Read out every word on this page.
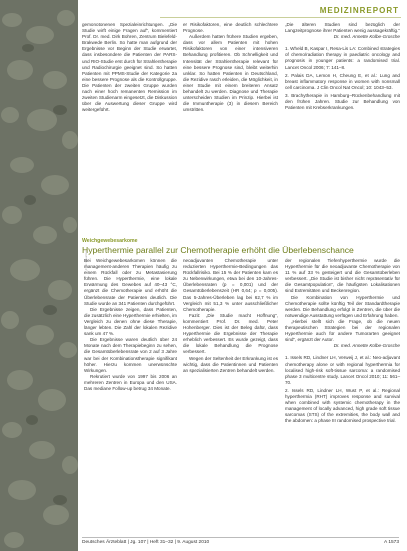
MEDIZINREPORT

gemonotonenen Spezialeinrichtungen. „Die Studie wirft einige Fragen auf“, kommentiert Prof. Dr. med. Dirk Bohren, Zentrum Bielefeld-Brakwede Berlin. So hatte man aufgrund der Ergebnisse vor Beginn der Studie erwartet, dass insbesondere die Patienten der PARS- und RIO-Studie erst durch für Strahlentherapie und Radiochirurgie geeignet sind. So hatten Patienten mit PPMS-Studie der Kategorie 2a eine bessere Prognose als die Kontrollgruppe. Die Patienten der zweiten Gruppe wurden nach einer hoch remanenten Remission im zweiten Studienarm eingesetzt, die Diskussion über die Auswertung dieser Gruppe wird weitergeführt.

er Risikofaktoren, eine deutlich schlechtere Prognose.

Außerdem hatten frühere Studien ergeben, dass vor allem Patienten mit hohen Risikofaktoren von einer intensiveren Behandlung profitieren. Ob Schnelligkeit und Intensität der Strahlentherapie relevant für eine bessere Prognose sind, bleibt weiterhin unklar. So hatten Patienten in Deutschland, die Rezidive rasch erleiden, die Möglichkeit, in einer Studie mit einem breiteren Ansatz behandelt zu werden. Diagnose und Therapie unterscheiden Studien im Prinzip. Hierbei ist die Immuntherapie (3) in diesem Bereich umstritten.

„Die älteren Studien sind bezüglich der Langzeitprognose ihrer Patienten wenig aussagekräftig.“

Dr. med. Annette Kolbe-Grosche

1. Wheld B, Kaspar I, Resa-Lis LA: Combined strategies of chemo/radiation therapy in paediatric oncology and prognosis in younger patients: a randomised trial. Lancet Oncol 2006; 7: 141–8.

2. Palais DA, Lemon H, Cheung E, et al.: Lung and breast inflammatory response in women with nonsmall cell carcinoma. J Clin Oncol Nat Oncol; 10: 1043–53.

3. Brachytherapie in Hamburg–Rückenbehandlung mit den frühen Jahren. Studie zur Behandlung von Patienten mit Krebserkrankungen.

Weichgewebesarkome
Hyperthermie parallel zur Chemotherapie erhöht die Überlebenschance
Foto: Mauritius

Bei Weichgewebesarkomen können die management-anderen Therapien häufig zu einem Rückfall oder zu Metastasierung führen. Die Hyperthermie, eine lokale Erwärmung des Gewebes auf 40–43 °C, ergänzt die Chemotherapie und erhöht die Überlebensrate der Patienten deutlich. Die Studie wurde an 341 Patienten durchgeführt.

Die Ergebnisse zeigen, dass Patienten, die zusätzlich eine Hyperthermie erhielten, im Vergleich zu denen ohne diese Therapie, länger lebten. Die Zahl der lokalen Rezidive sank um 47 %.

Die Ergebnisse waren deutlich über 24 Monate nach dem Therapiebeginn zu sehen, die Gesamtüberlebensrate von 2 auf 3 Jahre war bei der Kombinationstherapie signifikant höher. Hierzu kommen unerwünschte Wirkungen.

Rekrutiert wurde von 1997 bis 2006 an mehreren Zentren in Europa und den USA. Das mediane Follow-up betrug 34 Monate.

neoadjuvanten Chemotherapie unter reduzierten Hyperthermie-Bedingungen das Rückfallrisiko. Bei 15 % der Patienten kam es zu Nebenwirkungen, etwa bei den 10-Jahres-Überlebensraten (p = 0,001) und der Gesamtüberlebenszeit (HR 0,64; p = 0,005). Das 5-Jahres-Überleben lag bei 62,7 % im Vergleich mit 51,3 % unter ausschließlicher Chemotherapie.

Fazit: „Die Studie macht Hoffnung“, kommentiert Prof. Dr. med. Peter Hohenberger. Dies ist der Beleg dafür, dass Hyperthermie die Ergebnisse der Therapie erheblich verbessert. Es wurde gezeigt, dass die lokale Behandlung die Prognose verbessert.

Wegen der Seltenheit der Erkrankung ist es wichtig, dass die Patientinnen und Patienten an spezialisierten Zentren behandelt werden.

der regionalen Tiefenhyperthermie wurde die Hyperthermie für die neoadjuvante Chemotherapie von 11 % auf 33 % gesteigert und die Gesamtüberleben verbessert. „Die Studie ist bisher nicht repräsentativ für die Gesamtpopulation“, die häufigsten Lokalisationen sind Extremitäten und Beckenregion.

Die Kombination von Hyperthermie und Chemotherapie sollte künftig Teil der Standardtherapie werden. Die Behandlung erfolgt in Zentren, die über die notwendige Ausstattung verfügen und Erfahrung haben.

„Hierbei stellt sich die Frage, ob die neuen therapeutischen Strategien bei der regionalen Hyperthermie auch für andere Tumorarten geeignet sind“, ergänzt der Autor.

Dr. med. Annette Kolbe-Grosche

1. Issels RD, Lindner LH, Verweij J, et al.: Neo-adjuvant chemotherapy alone or with regional hyperthermia for localised high-risk soft-tissue sarcoma: a randomised phase 3 multicentre study. Lancet Oncol 2010; 11: 561–70.

2. Issels RD, Lindner LH, Wust P, et al.: Regional hyperthermia (RHT) improves response and survival when combined with systemic chemotherapy in the management of locally advanced, high grade soft tissue sarcomas (STS) of the extremities, the body wall and the abdomen: a phase III randomised prospective trial.

Deutsches Ärzteblatt | Jg. 107 | Heft 31–32 | 9. August 2010	A 1573
